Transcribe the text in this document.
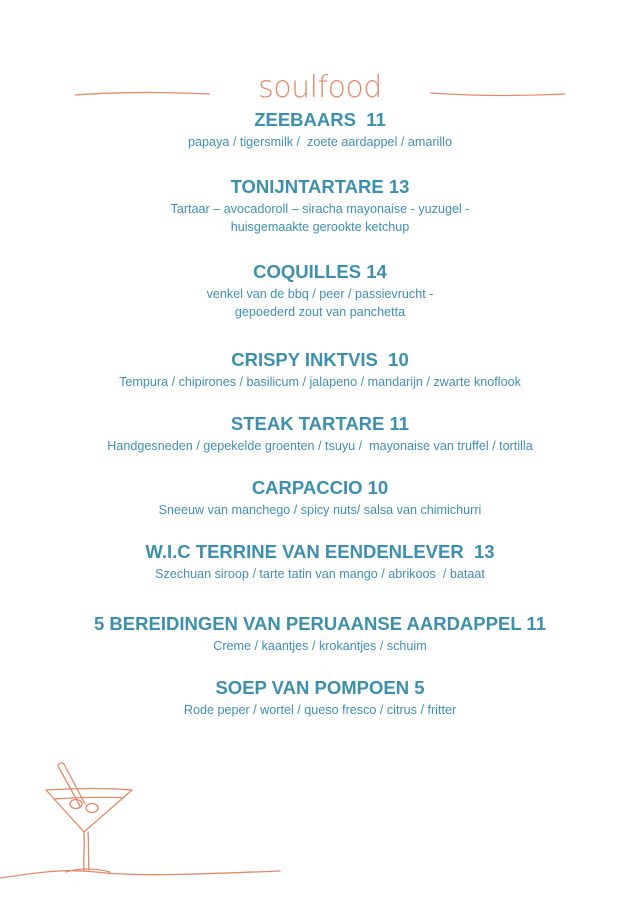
soulfood
ZEEBAARS  11

papaya / tigersmilk /  zoete aardappel / amarillo

TONIJNTARTARE 13

Tartaar – avocadoroll – siracha mayonaise - yuzugel -
huisgemaakte gerookte ketchup

COQUILLES 14

venkel van de bbq / peer / passievrucht -
gepoederd zout van panchetta

CRISPY INKTVIS  10

Tempura / chipirones / basilicum / jalapeno / mandarijn / zwarte knoflook

STEAK TARTARE 11

Handgesneden / gepekelde groenten / tsuyu /  mayonaise van truffel / tortilla

CARPACCIO 10

Sneeuw van manchego / spicy nuts/ salsa van chimichurri

W.I.C TERRINE VAN EENDENLEVER  13

Szechuan siroop / tarte tatin van mango / abrikoos  / bataat

5 BEREIDINGEN VAN PERUAANSE AARDAPPEL 11

Creme / kaantjes / krokantjes / schuim

SOEP VAN POMPOEN 5

Rode peper / wortel / queso fresco / citrus / fritter
